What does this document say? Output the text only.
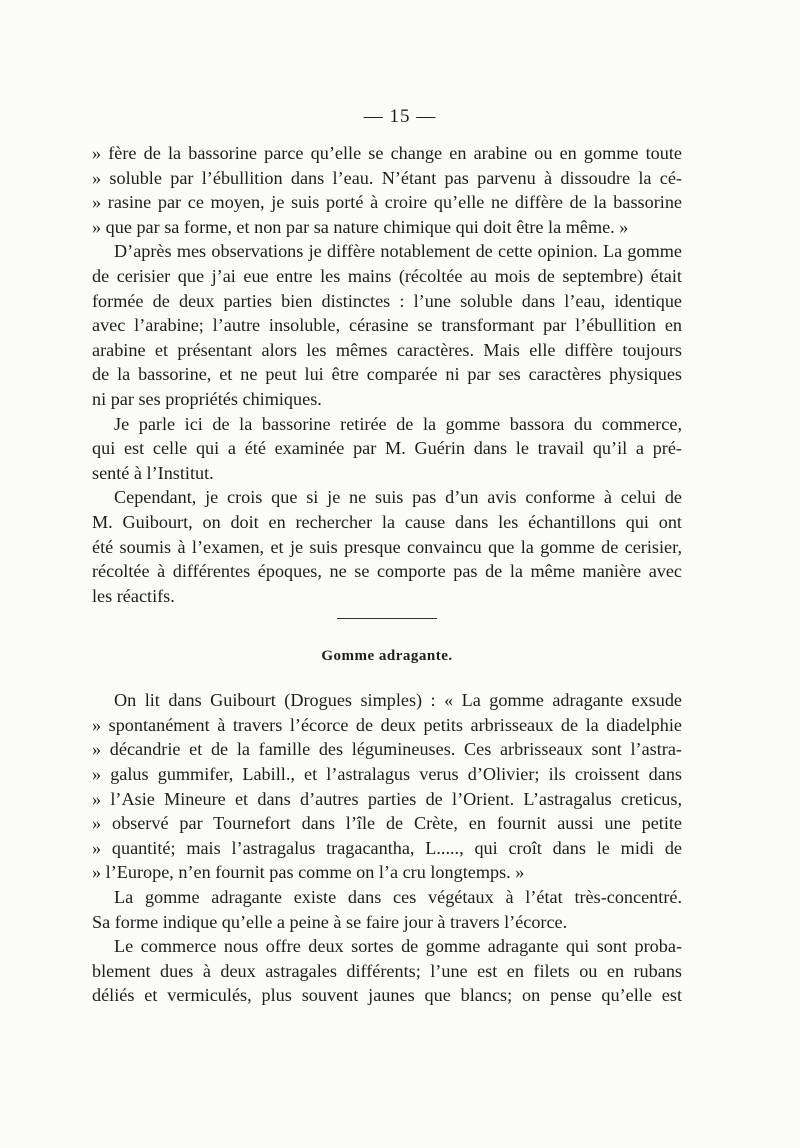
— 15 —
» fère de la bassorine parce qu’elle se change en arabine ou en gomme toute
» soluble par l’ébullition dans l’eau. N’étant pas parvenu à dissoudre la cé-
» rasine par ce moyen, je suis porté à croire qu’elle ne diffère de la bassorine
» que par sa forme, et non par sa nature chimique qui doit être la même. »
D’après mes observations je diffère notablement de cette opinion. La gomme
de cerisier que j’ai eue entre les mains (récoltée au mois de septembre) était
formée de deux parties bien distinctes : l’une soluble dans l’eau, identique
avec l’arabine; l’autre insoluble, cérasine se transformant par l’ébullition en
arabine et présentant alors les mêmes caractères. Mais elle diffère toujours
de la bassorine, et ne peut lui être comparée ni par ses caractères physiques
ni par ses propriétés chimiques.
Je parle ici de la bassorine retirée de la gomme bassora du commerce,
qui est celle qui a été examinée par M. Guérin dans le travail qu’il a pré-
senté à l’Institut.
Cependant, je crois que si je ne suis pas d’un avis conforme à celui de
M. Guibourt, on doit en rechercher la cause dans les échantillons qui ont
été soumis à l’examen, et je suis presque convaincu que la gomme de cerisier,
récoltée à différentes époques, ne se comporte pas de la même manière avec
les réactifs.
Gomme adragante.
On lit dans Guibourt (Drogues simples) : « La gomme adragante exsude
» spontanément à travers l’écorce de deux petits arbrisseaux de la diadelphie
» décandrie et de la famille des légumineuses. Ces arbrisseaux sont l’astra-
» galus gummifer, Labill., et l’astralagus verus d’Olivier; ils croissent dans
» l’Asie Mineure et dans d’autres parties de l’Orient. L’astragalus creticus,
» observé par Tournefort dans l’île de Crète, en fournit aussi une petite
» quantité; mais l’astragalus tragacantha, L....., qui croît dans le midi de
» l’Europe, n’en fournit pas comme on l’a cru longtemps. »
La gomme adragante existe dans ces végétaux à l’état très-concentré.
Sa forme indique qu’elle a peine à se faire jour à travers l’écorce.
Le commerce nous offre deux sortes de gomme adragante qui sont proba-
blement dues à deux astragales différents; l’une est en filets ou en rubans
déliés et vermiculés, plus souvent jaunes que blancs; on pense qu’elle est
